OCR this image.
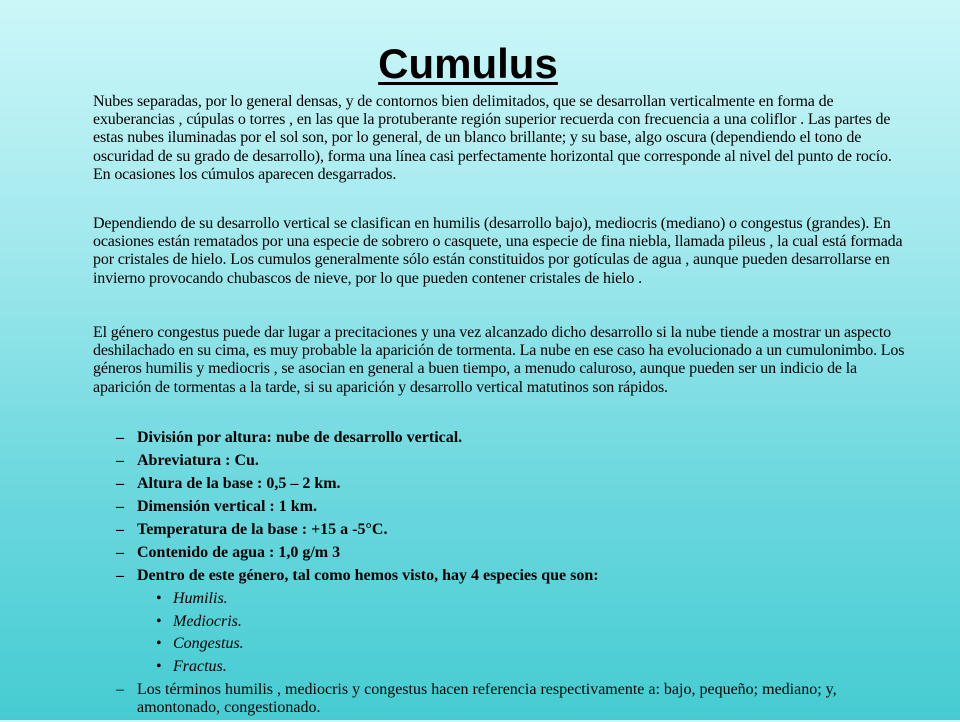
Cumulus

Nubes separadas, por lo general densas, y de contornos bien delimitados, que se desarrollan verticalmente en forma de exuberancias , cúpulas o torres , en las que la protuberante región superior recuerda con frecuencia a una coliflor . Las partes de estas nubes iluminadas por el sol son, por lo general, de un blanco brillante; y su base, algo oscura (dependiendo el tono de oscuridad de su grado de desarrollo), forma una línea casi perfectamente horizontal que corresponde al nivel del punto de rocío. En ocasiones los cúmulos aparecen desgarrados.

Dependiendo de su desarrollo vertical se clasifican en humilis (desarrollo bajo), mediocris (mediano) o congestus (grandes). En ocasiones están rematados por una especie de sobrero o casquete, una especie de fina niebla, llamada pileus , la cual está formada por cristales de hielo. Los cumulos generalmente sólo están constituidos por gotículas de agua , aunque pueden desarrollarse en invierno provocando chubascos de nieve, por lo que pueden contener cristales de hielo .

El género congestus puede dar lugar a precitaciones y una vez alcanzado dicho desarrollo si la nube tiende a mostrar un aspecto deshilachado en su cima, es muy probable la aparición de tormenta. La nube en ese caso ha evolucionado a un cumulonimbo. Los géneros humilis y mediocris , se asocian en general a buen tiempo, a menudo caluroso, aunque pueden ser un indicio de la aparición de tormentas a la tarde, si su aparición y desarrollo vertical matutinos son rápidos.

– División por altura: nube de desarrollo vertical.
– Abreviatura : Cu.
– Altura de la base : 0,5 – 2 km.
– Dimensión vertical : 1 km.
– Temperatura de la base : +15 a -5°C.
– Contenido de agua : 1,0 g/m 3
– Dentro de este género, tal como hemos visto, hay 4 especies que son:
• Humilis.
• Mediocris.
• Congestus.
• Fractus.
– Los términos humilis , mediocris y congestus hacen referencia respectivamente a: bajo, pequeño; mediano; y, amontonado, congestionado.
